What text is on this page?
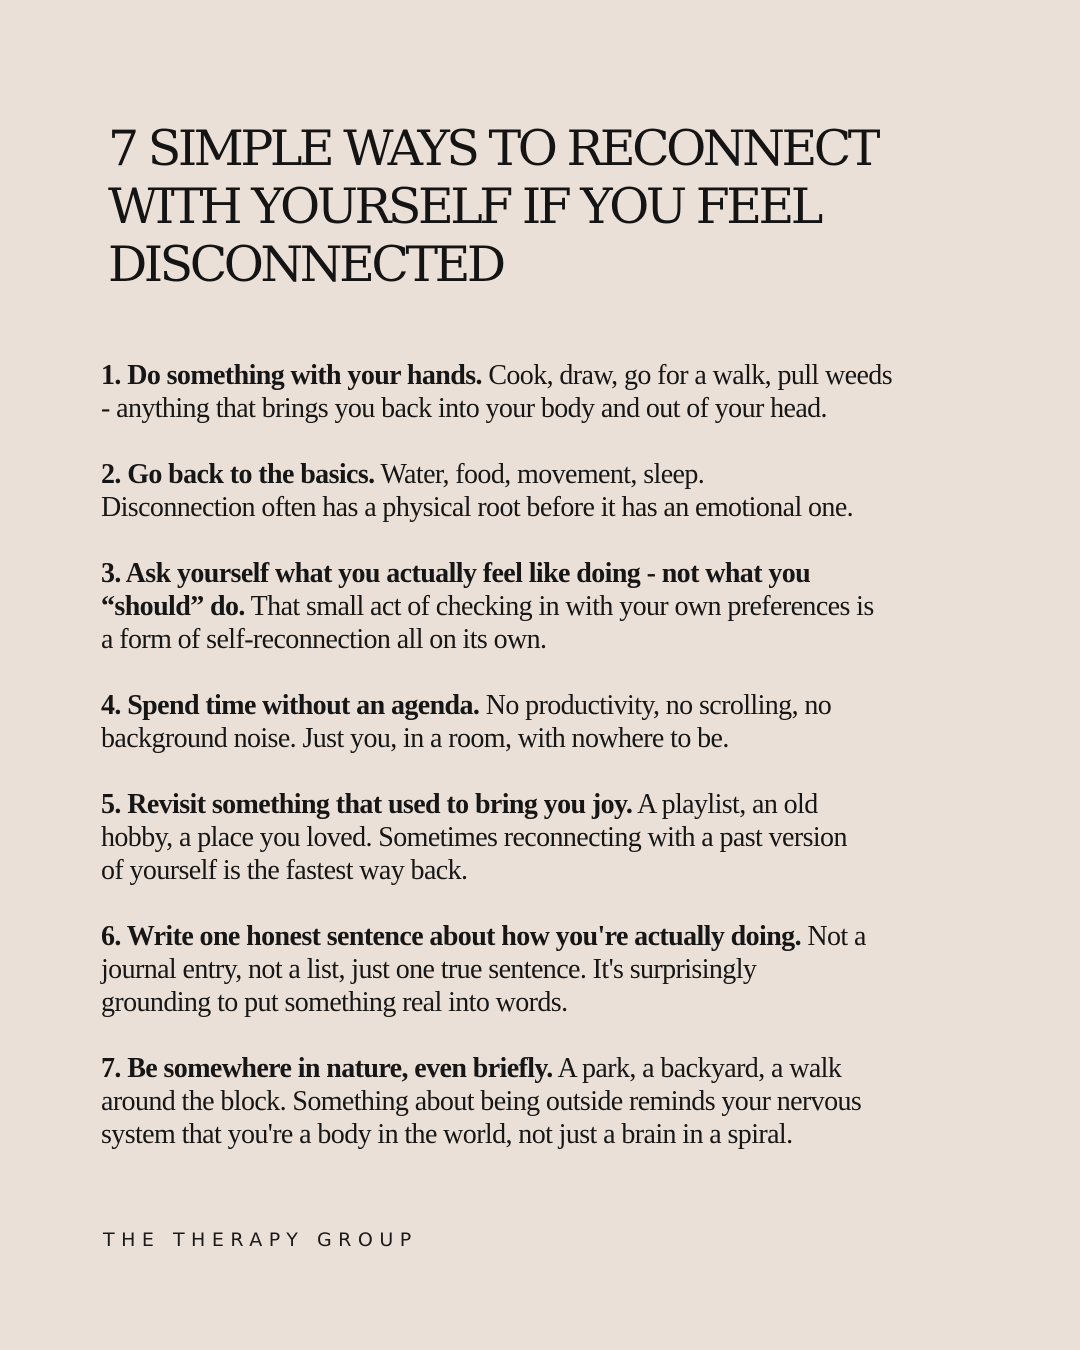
7 SIMPLE WAYS TO RECONNECT
WITH YOURSELF IF YOU FEEL
DISCONNECTED

1. Do something with your hands. Cook, draw, go for a walk, pull weeds
- anything that brings you back into your body and out of your head.

2. Go back to the basics. Water, food, movement, sleep.
Disconnection often has a physical root before it has an emotional one.

3. Ask yourself what you actually feel like doing - not what you
“should” do. That small act of checking in with your own preferences is
a form of self-reconnection all on its own.

4. Spend time without an agenda. No productivity, no scrolling, no
background noise. Just you, in a room, with nowhere to be.

5. Revisit something that used to bring you joy. A playlist, an old
hobby, a place you loved. Sometimes reconnecting with a past version
of yourself is the fastest way back.

6. Write one honest sentence about how you're actually doing. Not a
journal entry, not a list, just one true sentence. It's surprisingly
grounding to put something real into words.

7. Be somewhere in nature, even briefly. A park, a backyard, a walk
around the block. Something about being outside reminds your nervous
system that you're a body in the world, not just a brain in a spiral.

THE THERAPY GROUP
